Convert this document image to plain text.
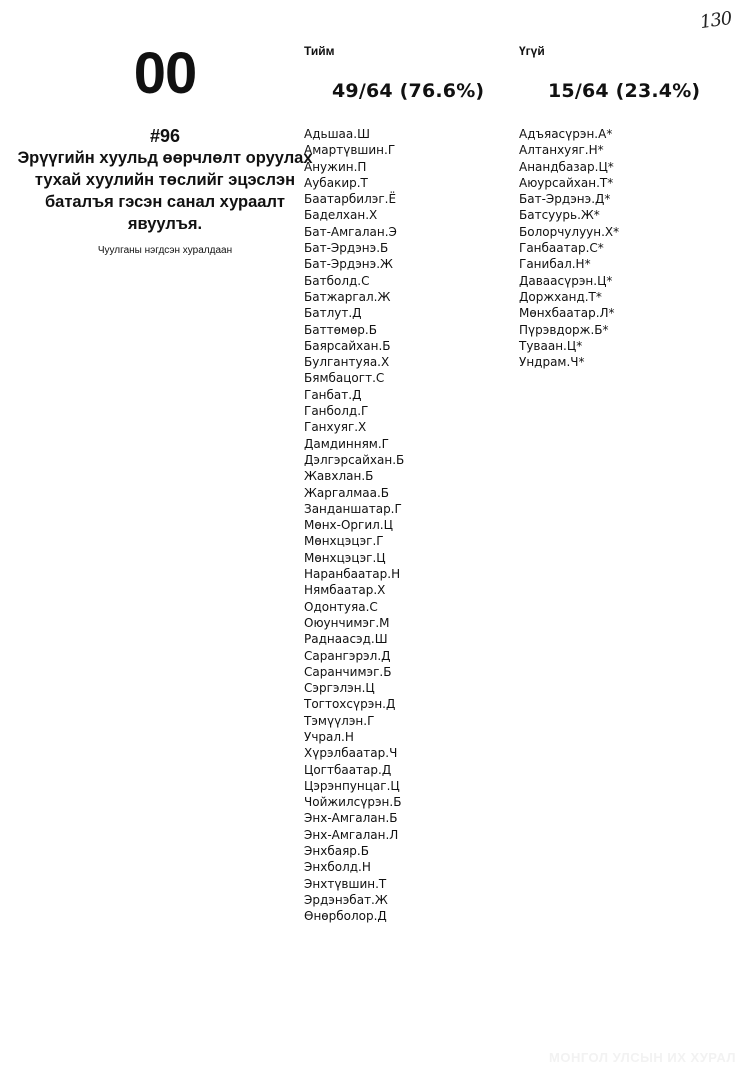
130
00
#96
Эрүүгийн хуульд өөрчлөлт оруулах тухай хуулийн төслийг эцэслэн баталъя гэсэн санал хураалт явуулъя.
Чуулганы нэгдсэн хуралдаан
Тийм	Үгүй
49/64 (76.6%)	15/64 (23.4%)
Адьшаа.Ш
Амартүвшин.Г
Анужин.П
Аубакир.Т
Баатарбилэг.Ё
Баделхан.Х
Бат-Амгалан.Э
Бат-Эрдэнэ.Б
Бат-Эрдэнэ.Ж
Батболд.С
Батжаргал.Ж
Батлут.Д
Баттөмөр.Б
Баярсайхан.Б
Булгантуяа.Х
Бямбацогт.С
Ганбат.Д
Ганболд.Г
Ганхуяг.Х
Дамдинням.Г
Дэлгэрсайхан.Б
Жавхлан.Б
Жаргалмаа.Б
Занданшатар.Г
Мөнх-Оргил.Ц
Мөнхцэцэг.Г
Мөнхцэцэг.Ц
Наранбаатар.Н
Нямбаатар.Х
Одонтуяа.С
Оюунчимэг.М
Раднаасэд.Ш
Сарангэрэл.Д
Саранчимэг.Б
Сэргэлэн.Ц
Тогтохсүрэн.Д
Тэмүүлэн.Г
Учрал.Н
Хүрэлбаатар.Ч
Цогтбаатар.Д
Цэрэнпунцаг.Ц
Чойжилсүрэн.Б
Энх-Амгалан.Б
Энх-Амгалан.Л
Энхбаяр.Б
Энхболд.Н
Энхтүвшин.Т
Эрдэнэбат.Ж
Өнөрболор.Д
Адъяасүрэн.А*
Алтанхуяг.Н*
Анандбазар.Ц*
Аюурсайхан.Т*
Бат-Эрдэнэ.Д*
Батсуурь.Ж*
Болорчулуун.Х*
Ганбаатар.С*
Ганибал.Н*
Даваасүрэн.Ц*
Доржханд.Т*
Мөнхбаатар.Л*
Пүрэвдорж.Б*
Туваан.Ц*
Ундрам.Ч*
МОНГОЛ УЛСЫН ИХ ХУРАЛ
